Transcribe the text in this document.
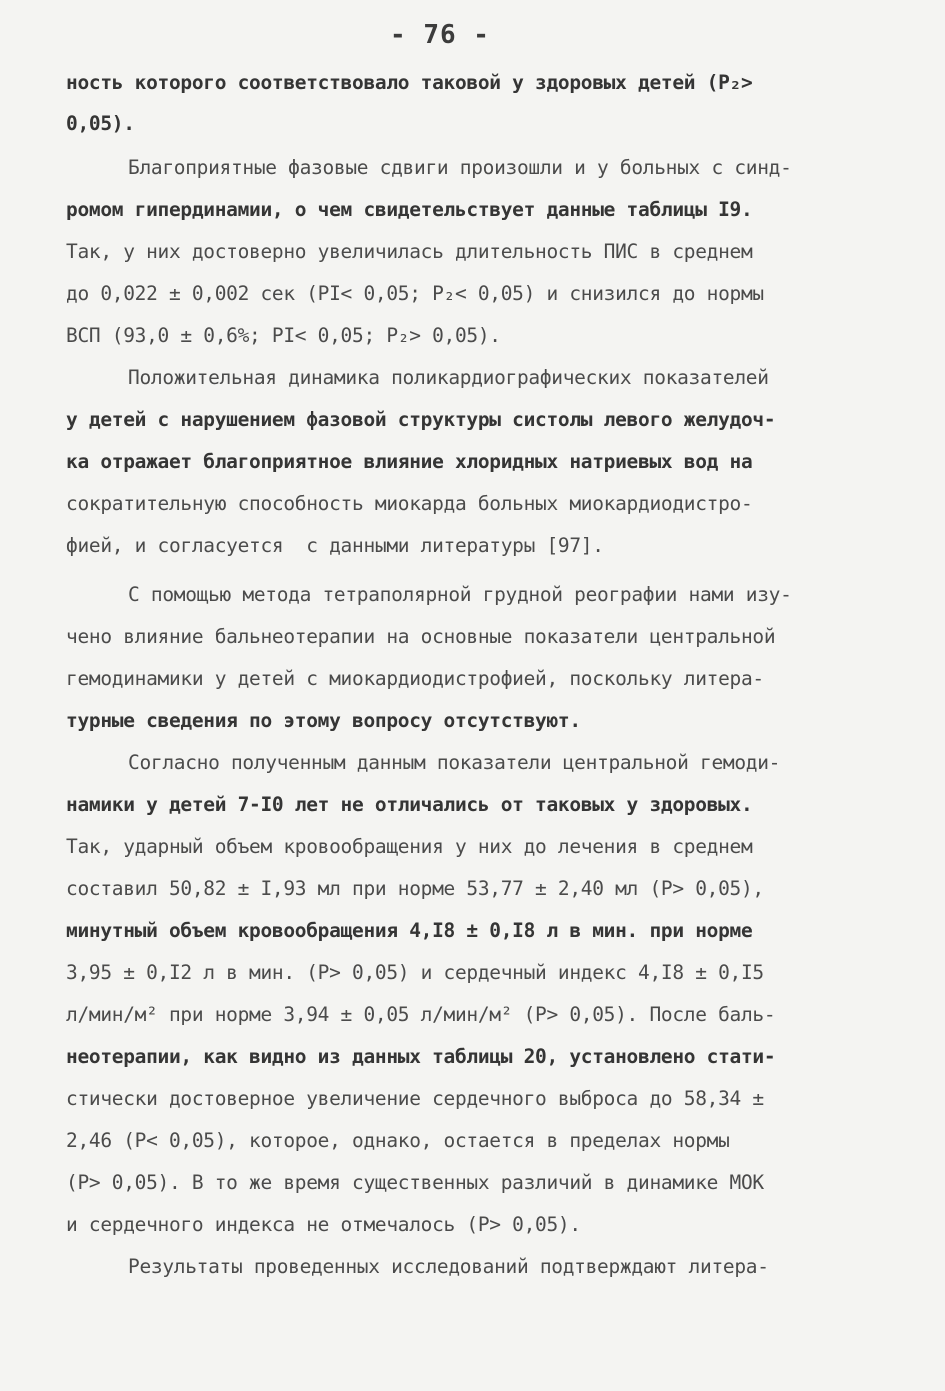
- 76 -
ность которого соответствовало таковой у здоровых детей (P₂>
0,05).
Благоприятные фазовые сдвиги произошли и у больных с синд-
ромом гипердинамии, о чем свидетельствует данные таблицы I9.
Так, у них достоверно увеличилась длительность ПИС в среднем
до 0,022 ± 0,002 сек (PI< 0,05; P₂< 0,05) и снизился до нормы
ВСП (93,0 ± 0,6%; PI< 0,05; P₂> 0,05).
Положительная динамика поликардиографических показателей
у детей с нарушением фазовой структуры систолы левого желудоч-
ка отражает благоприятное влияние хлоридных натриевых вод на
сократительную способность миокарда больных миокардиодистро-
фией, и согласуется  с данными литературы [97].
С помощью метода тетраполярной грудной реографии нами изу-
чено влияние бальнеотерапии на основные показатели центральной
гемодинамики у детей с миокардиодистрофией, поскольку литера-
турные сведения по этому вопросу отсутствуют.
Согласно полученным данным показатели центральной гемоди-
намики у детей 7-I0 лет не отличались от таковых у здоровых.
Так, ударный объем кровообращения у них до лечения в среднем
составил 50,82 ± I,93 мл при норме 53,77 ± 2,40 мл (P> 0,05),
минутный объем кровообращения 4,I8 ± 0,I8 л в мин. при норме
3,95 ± 0,I2 л в мин. (P> 0,05) и сердечный индекс 4,I8 ± 0,I5
л/мин/м² при норме 3,94 ± 0,05 л/мин/м² (P> 0,05). После баль-
неотерапии, как видно из данных таблицы 20, установлено стати-
стически достоверное увеличение сердечного выброса до 58,34 ±
2,46 (P< 0,05), которое, однако, остается в пределах нормы
(P> 0,05). В то же время существенных различий в динамике МОК
и сердечного индекса не отмечалось (P> 0,05).
Результаты проведенных исследований подтверждают литера-
